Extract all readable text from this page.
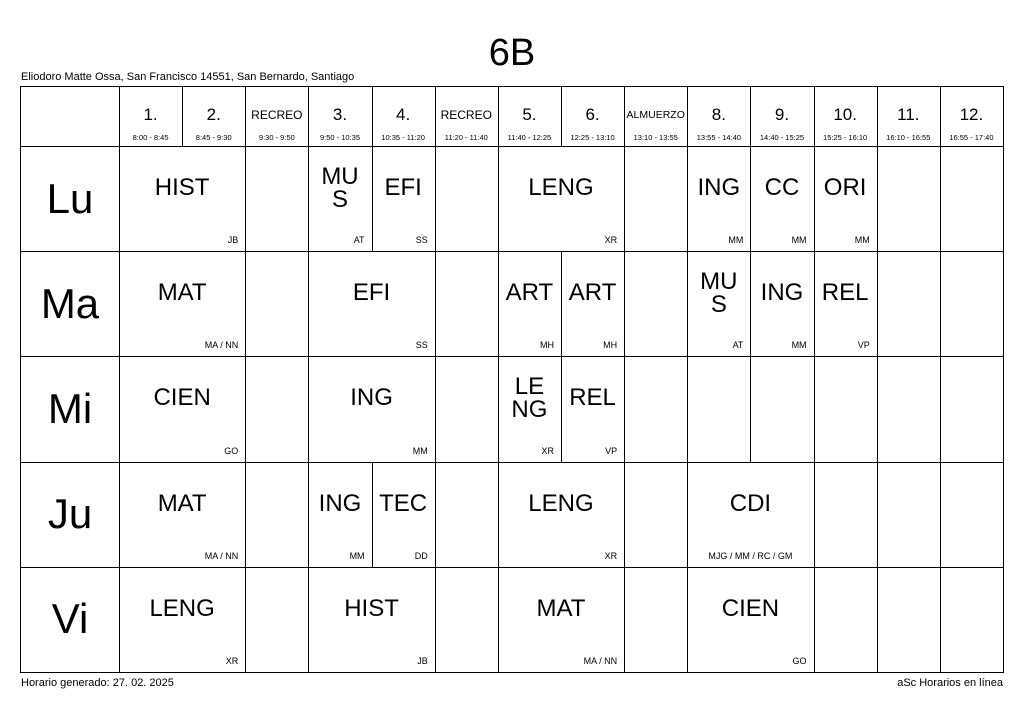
6B
Eliodoro Matte Ossa, San Francisco 14551, San Bernardo, Santiago
1.
8:00 - 8:45
2.
8:45 - 9:30
RECREO
9:30 - 9:50
3.
9:50 - 10:35
4.
10:35 - 11:20
RECREO
11:20 - 11:40
5.
11:40 - 12:25
6.
12:25 - 13:10
ALMUERZO
13:10 - 13:55
8.
13:55 - 14:40
9.
14:40 - 15:25
10.
15:25 - 16:10
11.
16:10 - 16:55
12.
16:55 - 17:40
Lu
Ma
Mi
Ju
Vi
HIST
JB
MUS
AT
EFI
SS
LENG
XR
ING
MM
CC
MM
ORI
MM
MAT
MA / NN
EFI
SS
ART
MH
ART
MH
MUS
AT
ING
MM
REL
VP
CIEN
GO
ING
MM
LENG
XR
REL
VP
MAT
MA / NN
ING
MM
TEC
DD
LENG
XR
CDI
MJG / MM / RC / GM
LENG
XR
HIST
JB
MAT
MA / NN
CIEN
GO
Horario generado: 27. 02. 2025	aSc Horarios en línea
